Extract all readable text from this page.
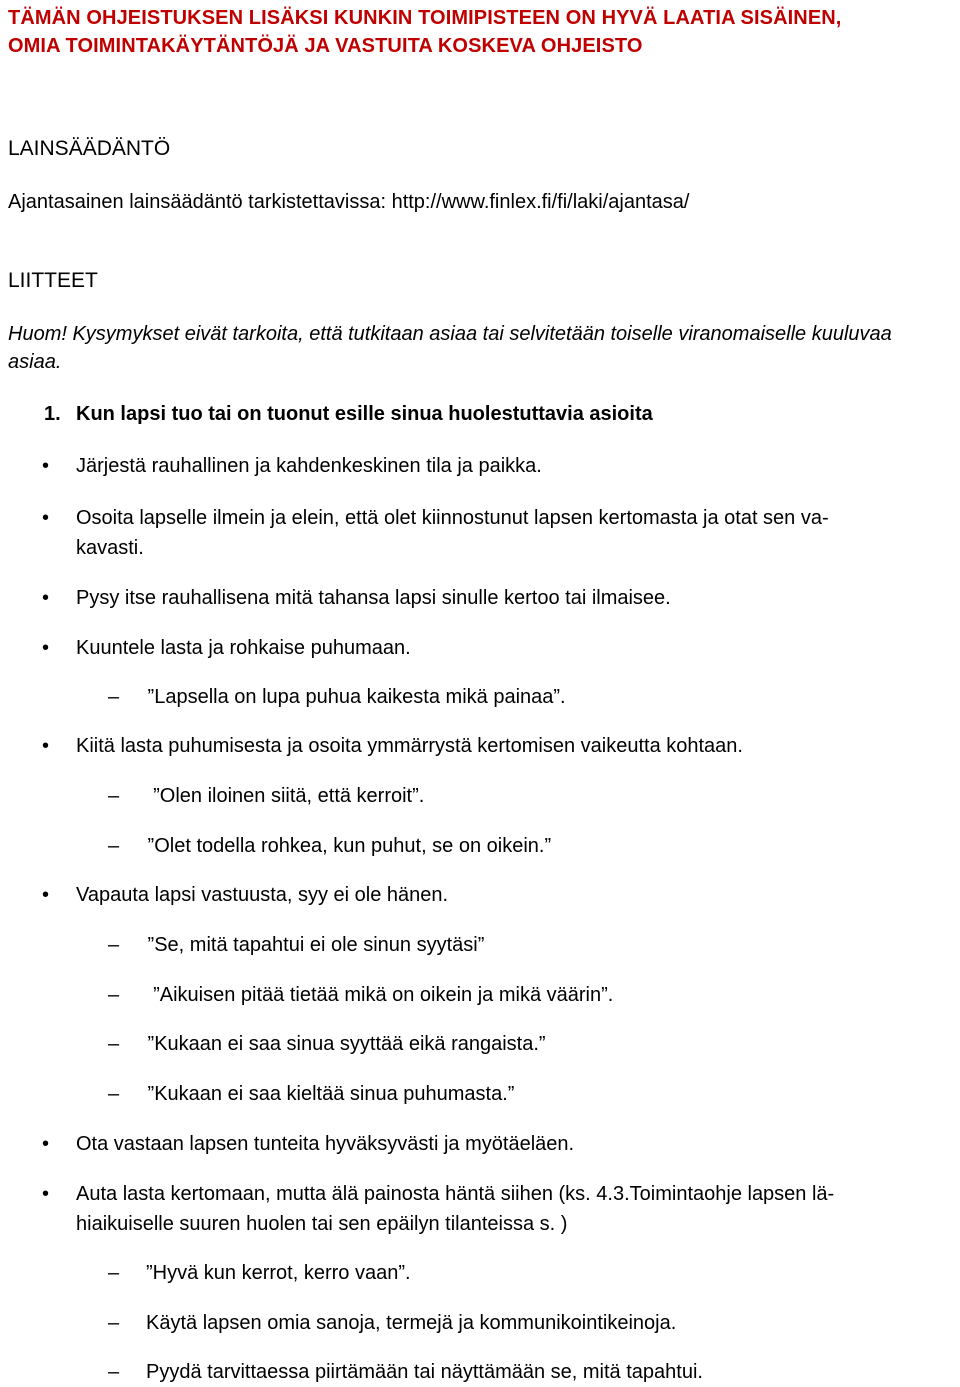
TÄMÄN OHJEISTUKSEN LISÄKSI KUNKIN TOIMIPISTEEN ON HYVÄ LAATIA SISÄINEN,
OMIA TOIMINTAKÄYTÄNTÖJÄ JA VASTUITA KOSKEVA OHJEISTO
LAINSÄÄDÄNTÖ
Ajantasainen lainsäädäntö tarkistettavissa: http://www.finlex.fi/fi/laki/ajantasa/
LIITTEET
Huom! Kysymykset eivät tarkoita, että tutkitaan asiaa tai selvitetään toiselle viranomaiselle kuuluvaa asiaa.
1. Kun lapsi tuo tai on tuonut esille sinua huolestuttavia asioita
•	Järjestä rauhallinen ja kahdenkeskinen tila ja paikka.
•	Osoita lapselle ilmein ja elein, että olet kiinnostunut lapsen kertomasta ja otat sen va-
kavasti.
•	Pysy itse rauhallisena mitä tahansa lapsi sinulle kertoo tai ilmaisee.
•	Kuuntele lasta ja rohkaise puhumaan.
– ”Lapsella on lupa puhua kaikesta mikä painaa”.
•	Kiitä lasta puhumisesta ja osoita ymmärrystä kertomisen vaikeutta kohtaan.
– ”Olen iloinen siitä, että kerroit”.
– ”Olet todella rohkea, kun puhut, se on oikein.”
•	Vapauta lapsi vastuusta, syy ei ole hänen.
– ”Se, mitä tapahtui ei ole sinun syytäsi”
– ”Aikuisen pitää tietää mikä on oikein ja mikä väärin”.
– ”Kukaan ei saa sinua syyttää eikä rangaista.”
– ”Kukaan ei saa kieltää sinua puhumasta.”
•	Ota vastaan lapsen tunteita hyväksyvästi ja myötäeläen.
•	Auta lasta kertomaan, mutta älä painosta häntä siihen (ks. 4.3.Toimintaohje lapsen lä-
hiaikuiselle suuren huolen tai sen epäilyn tilanteissa s. )
– ”Hyvä kun kerrot, kerro vaan”.
– Käytä lapsen omia sanoja, termejä ja kommunikointikeinoja.
– Pyydä tarvittaessa piirtämään tai näyttämään se, mitä tapahtui.
